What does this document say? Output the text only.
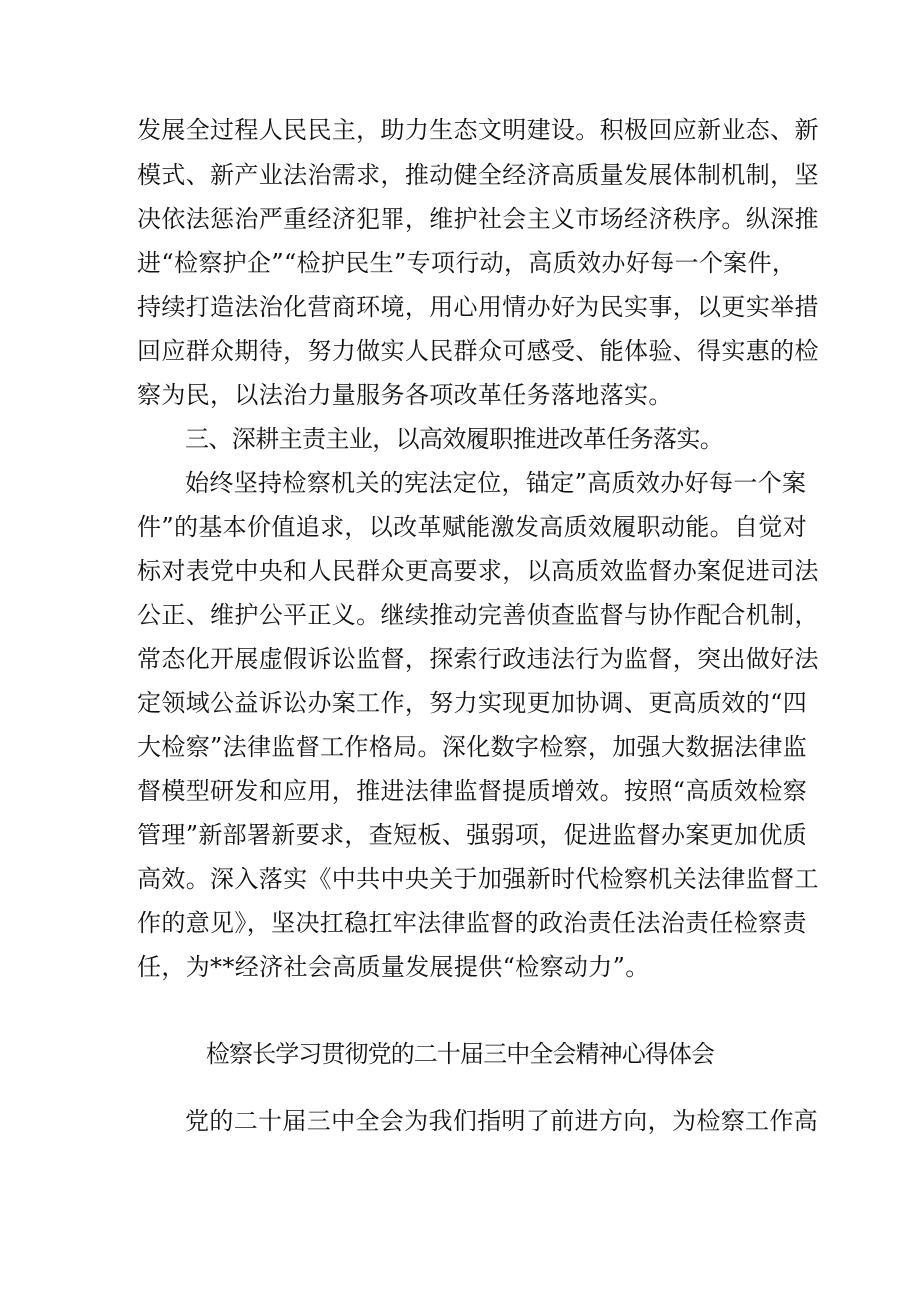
发展全过程人民民主，助力生态文明建设。积极回应新业态、新
模式、新产业法治需求，推动健全经济高质量发展体制机制，坚
决依法惩治严重经济犯罪，维护社会主义市场经济秩序。纵深推
进“检察护企”“检护民生”专项行动，高质效办好每一个案件，
持续打造法治化营商环境，用心用情办好为民实事，以更实举措
回应群众期待，努力做实人民群众可感受、能体验、得实惠的检
察为民，以法治力量服务各项改革任务落地落实。
三、深耕主责主业，以高效履职推进改革任务落实。
始终坚持检察机关的宪法定位，锚定”高质效办好每一个案
件”的基本价值追求，以改革赋能激发高质效履职动能。自觉对
标对表党中央和人民群众更高要求，以高质效监督办案促进司法
公正、维护公平正义。继续推动完善侦查监督与协作配合机制，
常态化开展虚假诉讼监督，探索行政违法行为监督，突出做好法
定领域公益诉讼办案工作，努力实现更加协调、更高质效的“四
大检察”法律监督工作格局。深化数字检察，加强大数据法律监
督模型研发和应用，推进法律监督提质增效。按照“高质效检察
管理”新部署新要求，查短板、强弱项，促进监督办案更加优质
高效。深入落实《中共中央关于加强新时代检察机关法律监督工
作的意见》，坚决扛稳扛牢法律监督的政治责任法治责任检察责
任，为**经济社会高质量发展提供“检察动力”。
检察长学习贯彻党的二十届三中全会精神心得体会
党的二十届三中全会为我们指明了前进方向，为检察工作高
